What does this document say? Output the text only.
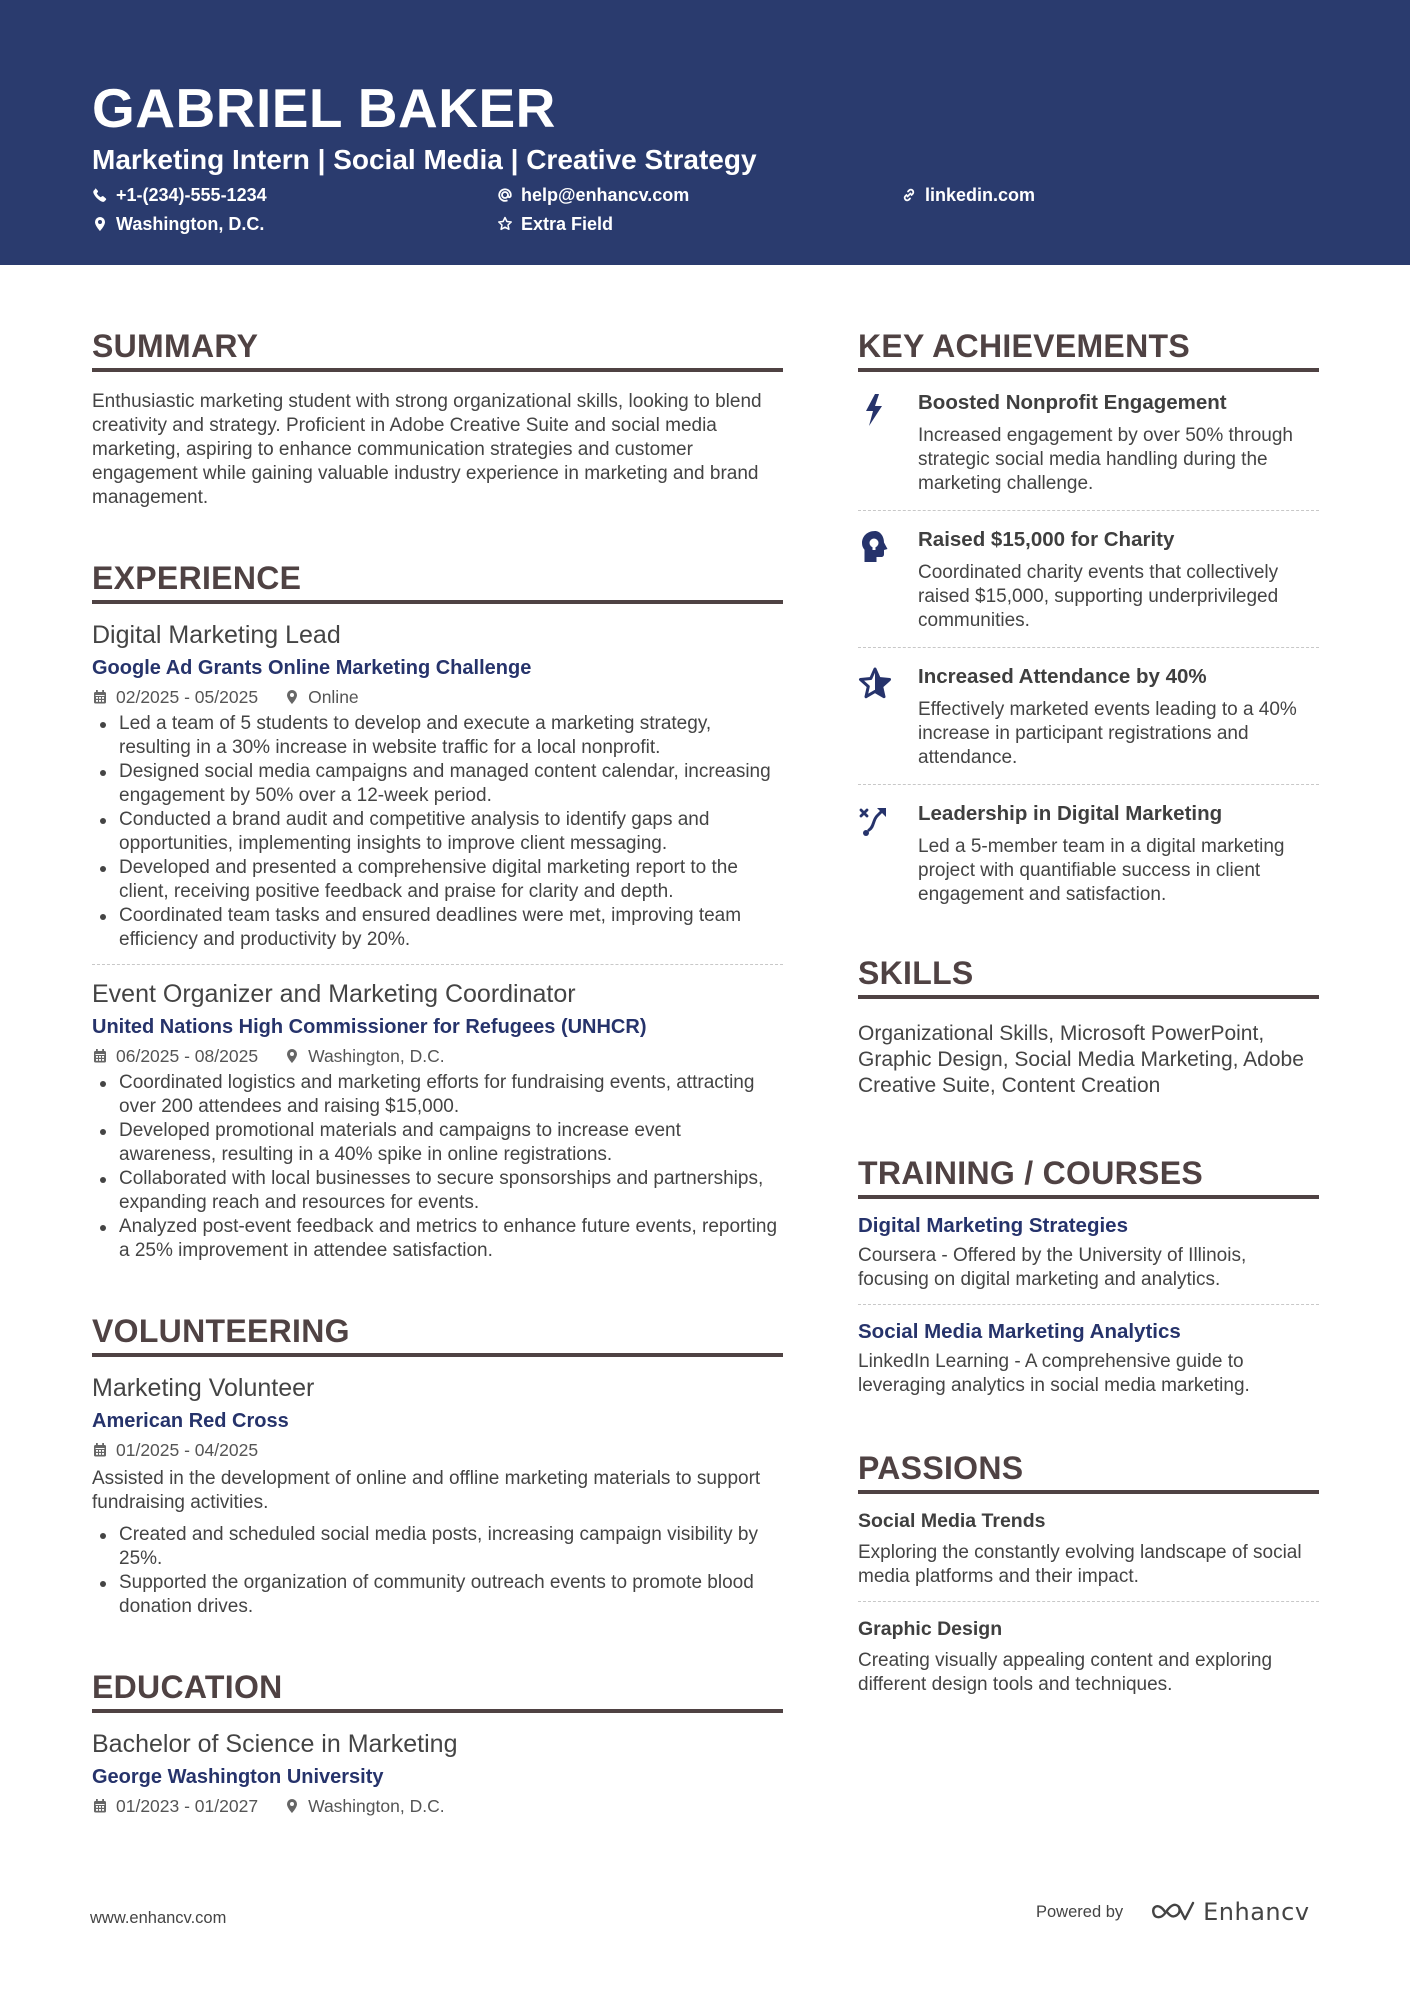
GABRIEL BAKER
Marketing Intern | Social Media | Creative Strategy
+1-(234)-555-1234	help@enhancv.com	linkedin.com
Washington, D.C.	Extra Field
SUMMARY
Enthusiastic marketing student with strong organizational skills, looking to blend creativity and strategy. Proficient in Adobe Creative Suite and social media marketing, aspiring to enhance communication strategies and customer engagement while gaining valuable industry experience in marketing and brand management.
EXPERIENCE
Digital Marketing Lead
Google Ad Grants Online Marketing Challenge
02/2025 - 05/2025	Online
Led a team of 5 students to develop and execute a marketing strategy, resulting in a 30% increase in website traffic for a local nonprofit.
Designed social media campaigns and managed content calendar, increasing engagement by 50% over a 12-week period.
Conducted a brand audit and competitive analysis to identify gaps and opportunities, implementing insights to improve client messaging.
Developed and presented a comprehensive digital marketing report to the client, receiving positive feedback and praise for clarity and depth.
Coordinated team tasks and ensured deadlines were met, improving team efficiency and productivity by 20%.
Event Organizer and Marketing Coordinator
United Nations High Commissioner for Refugees (UNHCR)
06/2025 - 08/2025	Washington, D.C.
Coordinated logistics and marketing efforts for fundraising events, attracting over 200 attendees and raising $15,000.
Developed promotional materials and campaigns to increase event awareness, resulting in a 40% spike in online registrations.
Collaborated with local businesses to secure sponsorships and partnerships, expanding reach and resources for events.
Analyzed post-event feedback and metrics to enhance future events, reporting a 25% improvement in attendee satisfaction.
VOLUNTEERING
Marketing Volunteer
American Red Cross
01/2025 - 04/2025
Assisted in the development of online and offline marketing materials to support fundraising activities.
Created and scheduled social media posts, increasing campaign visibility by 25%.
Supported the organization of community outreach events to promote blood donation drives.
EDUCATION
Bachelor of Science in Marketing
George Washington University
01/2023 - 01/2027	Washington, D.C.
KEY ACHIEVEMENTS
Boosted Nonprofit Engagement
Increased engagement by over 50% through strategic social media handling during the marketing challenge.
Raised $15,000 for Charity
Coordinated charity events that collectively raised $15,000, supporting underprivileged communities.
Increased Attendance by 40%
Effectively marketed events leading to a 40% increase in participant registrations and attendance.
Leadership in Digital Marketing
Led a 5-member team in a digital marketing project with quantifiable success in client engagement and satisfaction.
SKILLS
Organizational Skills, Microsoft PowerPoint, Graphic Design, Social Media Marketing, Adobe Creative Suite, Content Creation
TRAINING / COURSES
Digital Marketing Strategies
Coursera - Offered by the University of Illinois, focusing on digital marketing and analytics.
Social Media Marketing Analytics
LinkedIn Learning - A comprehensive guide to leveraging analytics in social media marketing.
PASSIONS
Social Media Trends
Exploring the constantly evolving landscape of social media platforms and their impact.
Graphic Design
Creating visually appealing content and exploring different design tools and techniques.
www.enhancv.com	Powered by	Enhancv
